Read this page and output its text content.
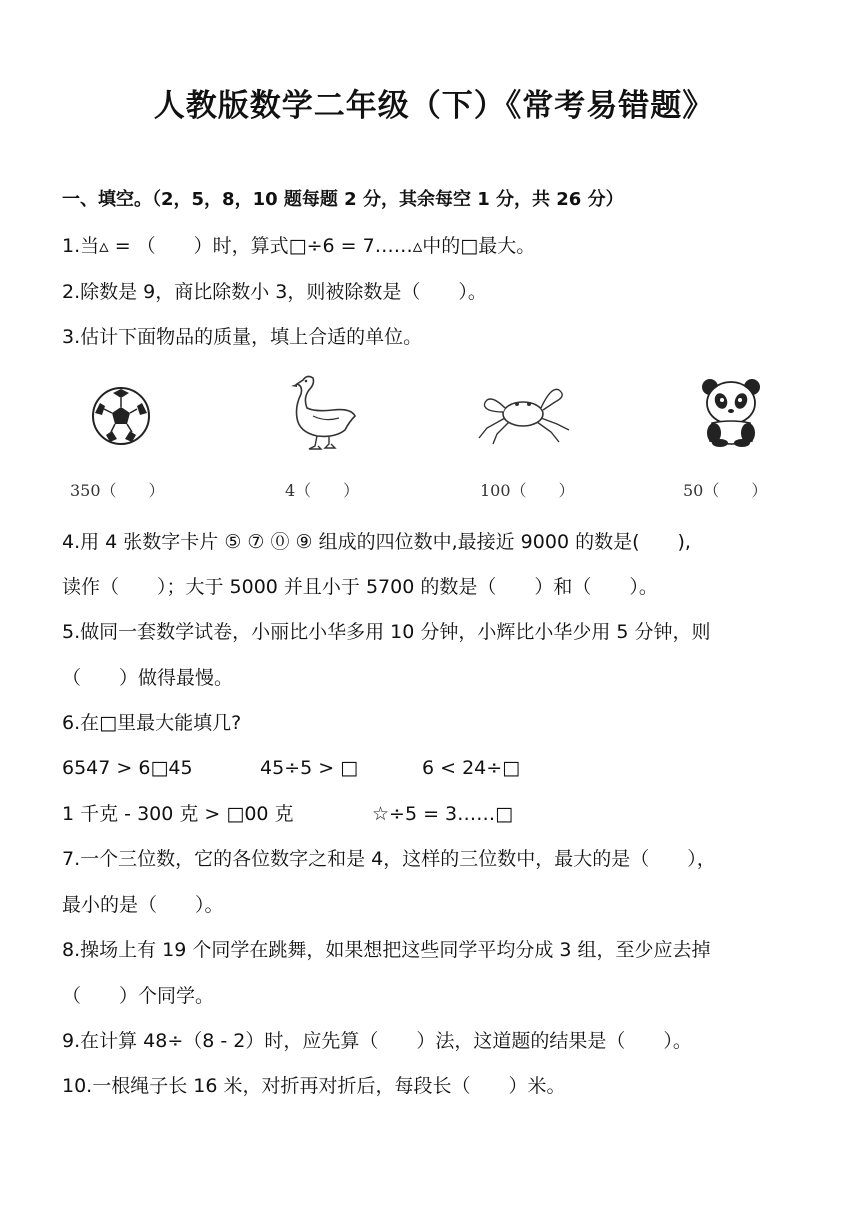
人教版数学二年级（下）《常考易错题》
一、填空。（2，5，8，10 题每题 2 分，其余每空 1 分，共 26 分）
1.当▵ = （　　）时，算式□÷6 = 7……▵中的□最大。
2.除数是 9，商比除数小 3，则被除数是（　　）。
3.估计下面物品的质量，填上合适的单位。
350（　　）	4（　　）	100（　　）	50（　　）
4.用 4 张数字卡片 ⑤ ⑦ ⓪ ⑨ 组成的四位数中,最接近 9000 的数是(　　),
读作（　　）；大于 5000 并且小于 5700 的数是（　　）和（　　）。
5.做同一套数学试卷，小丽比小华多用 10 分钟，小辉比小华少用 5 分钟，则
（　　）做得最慢。
6.在□里最大能填几?
6547 > 6□45	45÷5 > □	6 < 24÷□
1 千克 - 300 克 > □00 克	☆÷5 = 3……□
7.一个三位数，它的各位数字之和是 4，这样的三位数中，最大的是（　　），
最小的是（　　）。
8.操场上有 19 个同学在跳舞，如果想把这些同学平均分成 3 组，至少应去掉
（　　）个同学。
9.在计算 48÷（8 - 2）时，应先算（　　）法，这道题的结果是（　　）。
10.一根绳子长 16 米，对折再对折后，每段长（　　）米。
